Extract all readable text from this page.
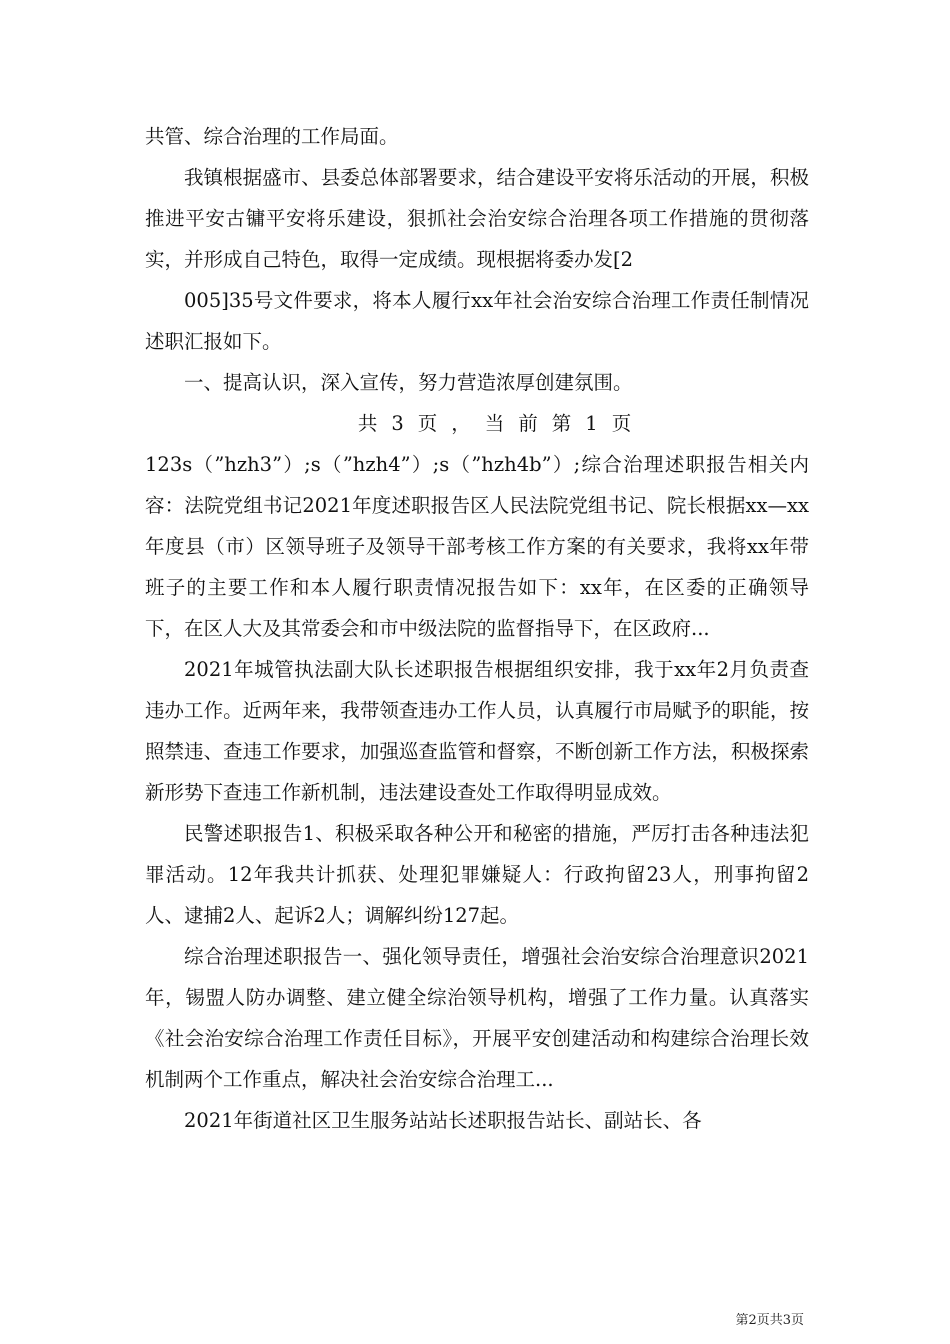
共管、综合治理的工作局面。

我镇根据盛市、县委总体部署要求，结合建设平安将乐活动的开展，积极推进平安古镛平安将乐建设，狠抓社会治安综合治理各项工作措施的贯彻落实，并形成自己特色，取得一定成绩。现根据将委办发[2

005]35号文件要求，将本人履行xx年社会治安综合治理工作责任制情况述职汇报如下。

一、提高认识，深入宣传，努力营造浓厚创建氛围。

共 3 页 ， 当 前 第 1 页

123s（”hzh3”）;s（”hzh4”）;s（”hzh4b”）;综合治理述职报告相关内容：法院党组书记2021年度述职报告区人民法院党组书记、院长根据xx—xx年度县（市）区领导班子及领导干部考核工作方案的有关要求，我将xx年带班子的主要工作和本人履行职责情况报告如下：xx年，在区委的正确领导下，在区人大及其常委会和市中级法院的监督指导下，在区政府...

2021年城管执法副大队长述职报告根据组织安排，我于xx年2月负责查违办工作。近两年来，我带领查违办工作人员，认真履行市局赋予的职能，按照禁违、查违工作要求，加强巡查监管和督察，不断创新工作方法，积极探索新形势下查违工作新机制，违法建设查处工作取得明显成效。

民警述职报告1、积极采取各种公开和秘密的措施，严厉打击各种违法犯罪活动。12年我共计抓获、处理犯罪嫌疑人：行政拘留23人，刑事拘留2人、逮捕2人、起诉2人；调解纠纷127起。

综合治理述职报告一、强化领导责任，增强社会治安综合治理意识2021年，锡盟人防办调整、建立健全综治领导机构，增强了工作力量。认真落实《社会治安综合治理工作责任目标》，开展平安创建活动和构建综合治理长效机制两个工作重点，解决社会治安综合治理工...

2021年街道社区卫生服务站站长述职报告站长、副站长、各

第2页共3页
